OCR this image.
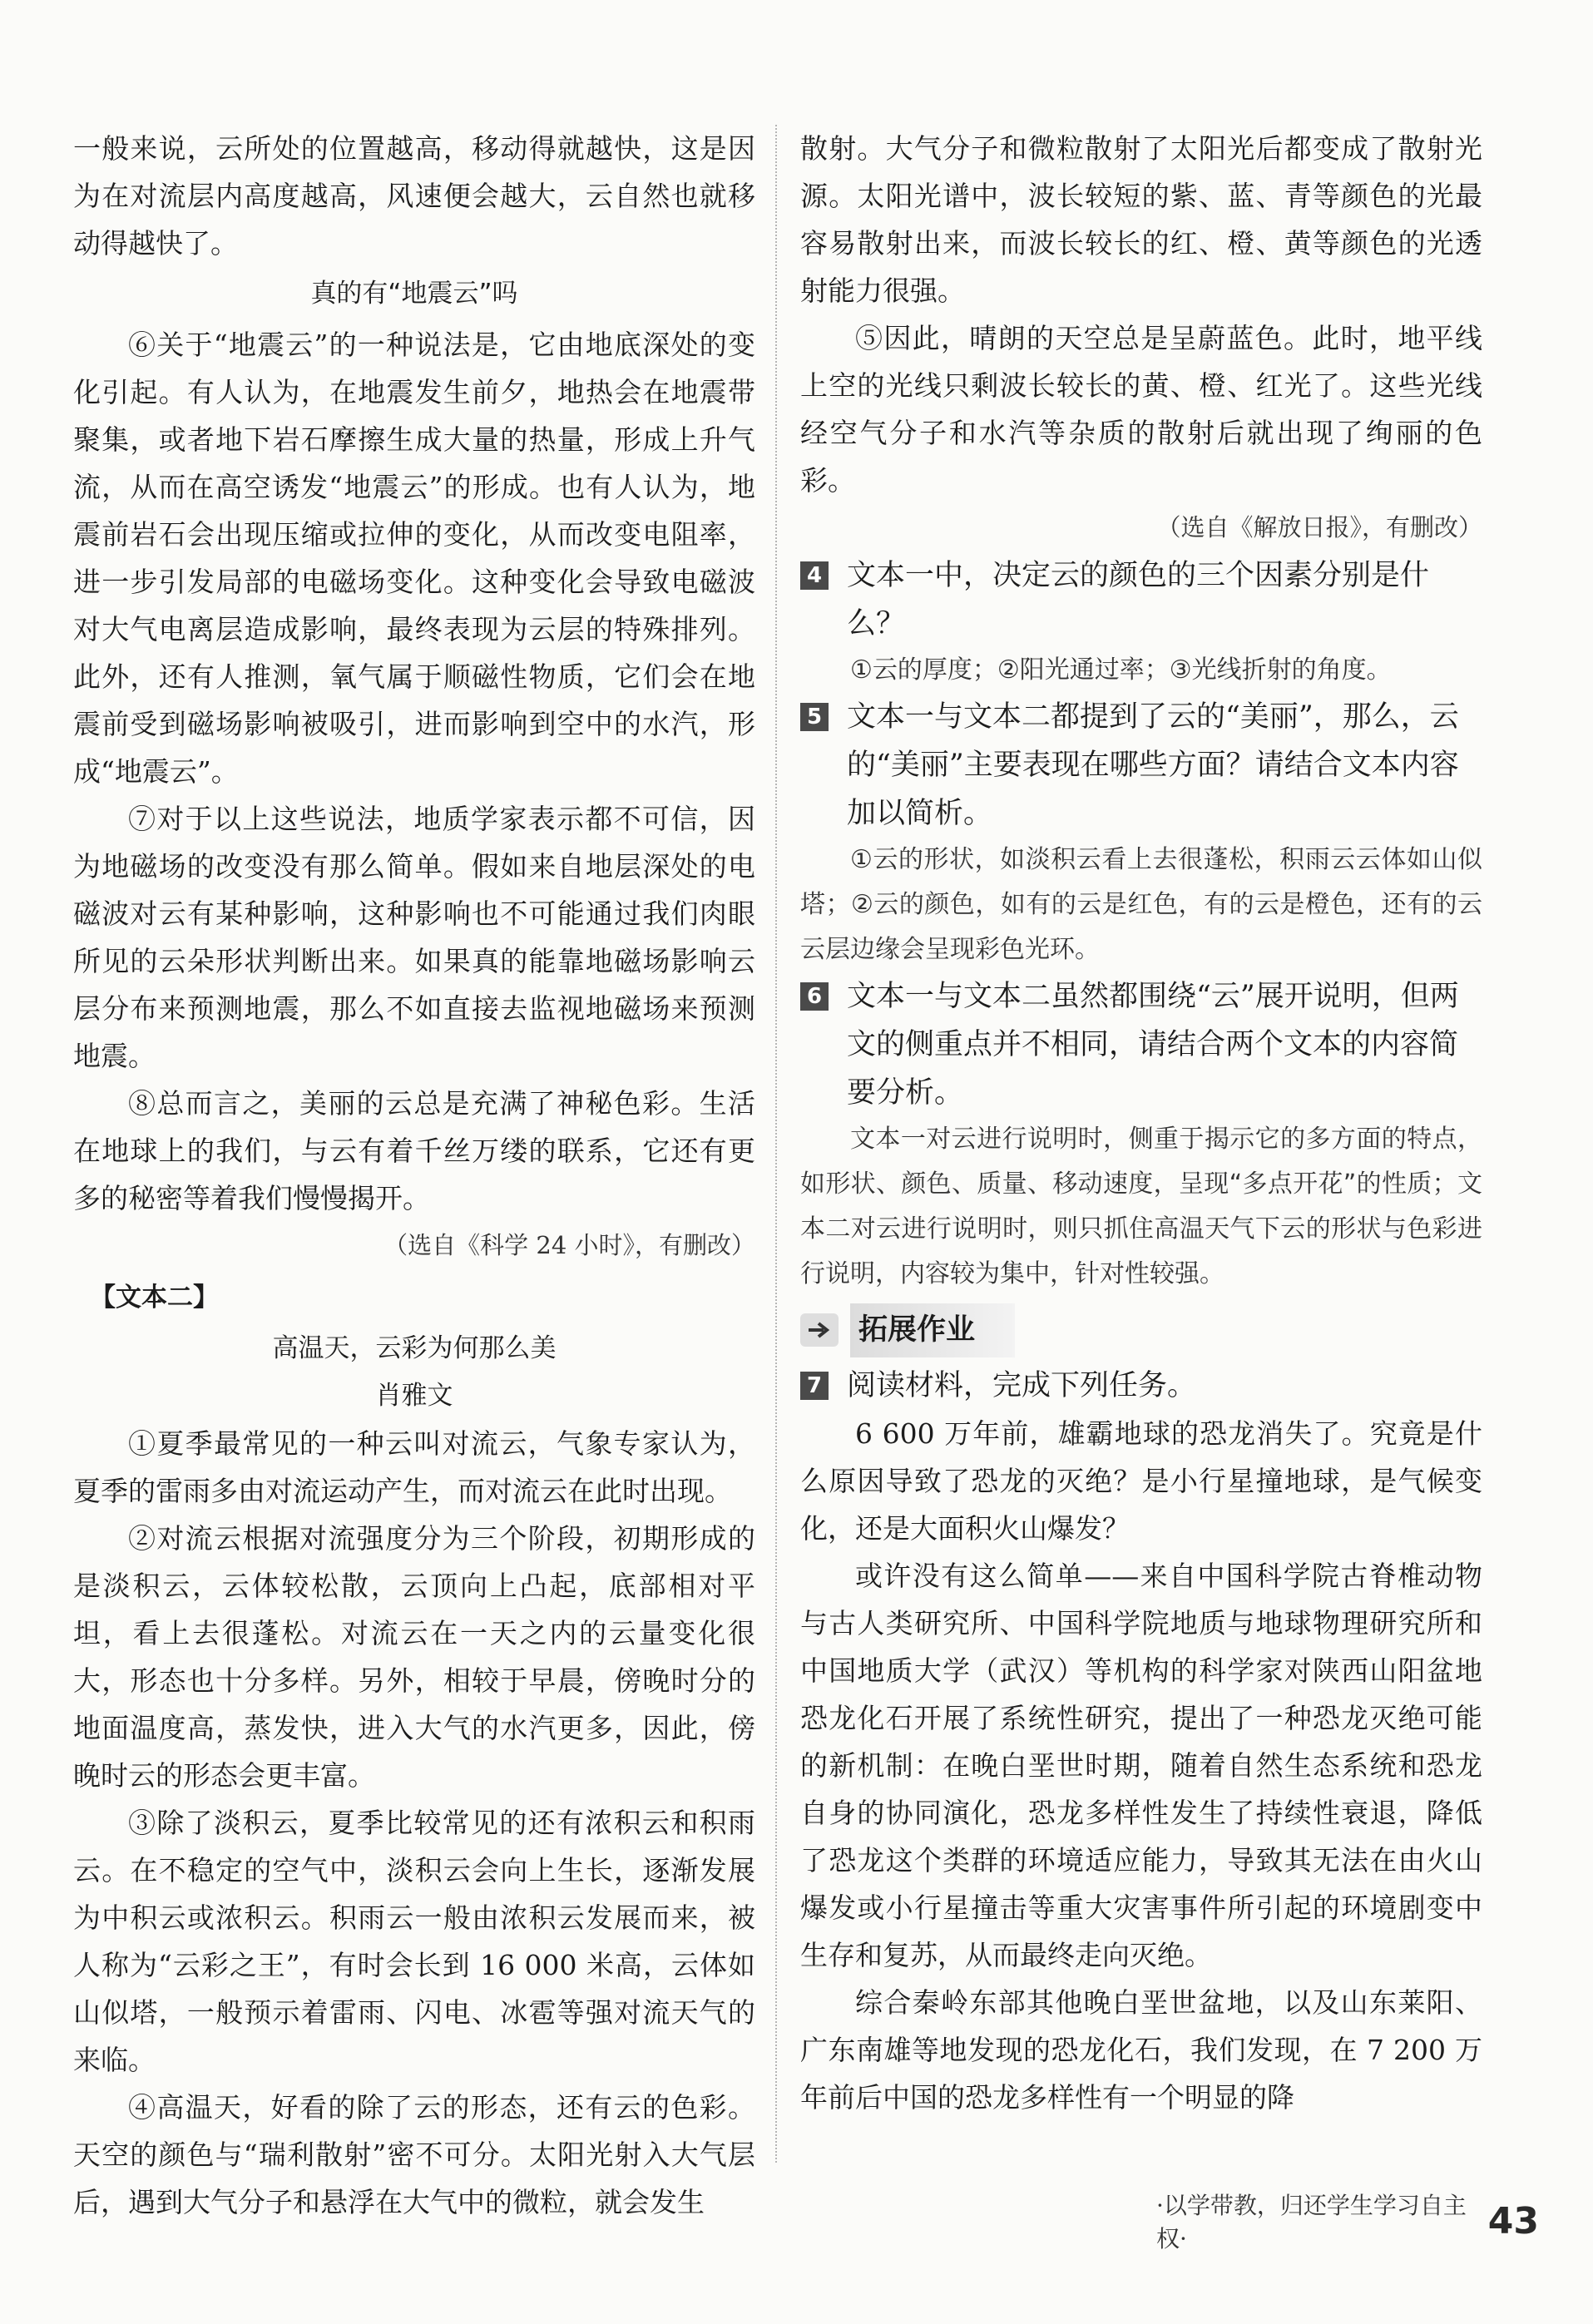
一般来说，云所处的位置越高，移动得就越快，这是因为在对流层内高度越高，风速便会越大，云自然也就移动得越快了。

真的有“地震云”吗

⑥关于“地震云”的一种说法是，它由地底深处的变化引起。有人认为，在地震发生前夕，地热会在地震带聚集，或者地下岩石摩擦生成大量的热量，形成上升气流，从而在高空诱发“地震云”的形成。也有人认为，地震前岩石会出现压缩或拉伸的变化，从而改变电阻率，进一步引发局部的电磁场变化。这种变化会导致电磁波对大气电离层造成影响，最终表现为云层的特殊排列。此外，还有人推测，氧气属于顺磁性物质，它们会在地震前受到磁场影响被吸引，进而影响到空中的水汽，形成“地震云”。

⑦对于以上这些说法，地质学家表示都不可信，因为地磁场的改变没有那么简单。假如来自地层深处的电磁波对云有某种影响，这种影响也不可能通过我们肉眼所见的云朵形状判断出来。如果真的能靠地磁场影响云层分布来预测地震，那么不如直接去监视地磁场来预测地震。

⑧总而言之，美丽的云总是充满了神秘色彩。生活在地球上的我们，与云有着千丝万缕的联系，它还有更多的秘密等着我们慢慢揭开。

（选自《科学 24 小时》，有删改）

【文本二】

高温天，云彩为何那么美

肖雅文

①夏季最常见的一种云叫对流云，气象专家认为，夏季的雷雨多由对流运动产生，而对流云在此时出现。

②对流云根据对流强度分为三个阶段，初期形成的是淡积云，云体较松散，云顶向上凸起，底部相对平坦，看上去很蓬松。对流云在一天之内的云量变化很大，形态也十分多样。另外，相较于早晨，傍晚时分的地面温度高，蒸发快，进入大气的水汽更多，因此，傍晚时云的形态会更丰富。

③除了淡积云，夏季比较常见的还有浓积云和积雨云。在不稳定的空气中，淡积云会向上生长，逐渐发展为中积云或浓积云。积雨云一般由浓积云发展而来，被人称为“云彩之王”，有时会长到 16 000 米高，云体如山似塔，一般预示着雷雨、闪电、冰雹等强对流天气的来临。

④高温天，好看的除了云的形态，还有云的色彩。天空的颜色与“瑞利散射”密不可分。太阳光射入大气层后，遇到大气分子和悬浮在大气中的微粒，就会发生

散射。大气分子和微粒散射了太阳光后都变成了散射光源。太阳光谱中，波长较短的紫、蓝、青等颜色的光最容易散射出来，而波长较长的红、橙、黄等颜色的光透射能力很强。

⑤因此，晴朗的天空总是呈蔚蓝色。此时，地平线上空的光线只剩波长较长的黄、橙、红光了。这些光线经空气分子和水汽等杂质的散射后就出现了绚丽的色彩。

（选自《解放日报》，有删改）

4 文本一中，决定云的颜色的三个因素分别是什么？

①云的厚度；②阳光通过率；③光线折射的角度。

5 文本一与文本二都提到了云的“美丽”，那么，云的“美丽”主要表现在哪些方面？请结合文本内容加以简析。

①云的形状，如淡积云看上去很蓬松，积雨云云体如山似塔；②云的颜色，如有的云是红色，有的云是橙色，还有的云云层边缘会呈现彩色光环。

6 文本一与文本二虽然都围绕“云”展开说明，但两文的侧重点并不相同，请结合两个文本的内容简要分析。

文本一对云进行说明时，侧重于揭示它的多方面的特点，如形状、颜色、质量、移动速度，呈现“多点开花”的性质；文本二对云进行说明时，则只抓住高温天气下云的形状与色彩进行说明，内容较为集中，针对性较强。

拓展作业
7 阅读材料，完成下列任务。

6 600 万年前，雄霸地球的恐龙消失了。究竟是什么原因导致了恐龙的灭绝？是小行星撞地球，是气候变化，还是大面积火山爆发？

或许没有这么简单——来自中国科学院古脊椎动物与古人类研究所、中国科学院地质与地球物理研究所和中国地质大学（武汉）等机构的科学家对陕西山阳盆地恐龙化石开展了系统性研究，提出了一种恐龙灭绝可能的新机制：在晚白垩世时期，随着自然生态系统和恐龙自身的协同演化，恐龙多样性发生了持续性衰退，降低了恐龙这个类群的环境适应能力，导致其无法在由火山爆发或小行星撞击等重大灾害事件所引起的环境剧变中生存和复苏，从而最终走向灭绝。

综合秦岭东部其他晚白垩世盆地，以及山东莱阳、广东南雄等地发现的恐龙化石，我们发现，在 7 200 万年前后中国的恐龙多样性有一个明显的降

·以学带教，归还学生学习自主权·	43
